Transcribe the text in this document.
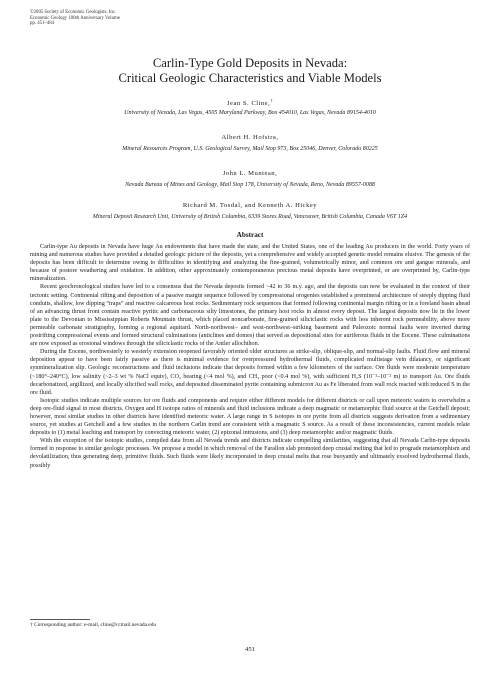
©2005 Society of Economic Geologists, Inc.
Economic Geology 100th Anniversary Volume
pp. 451–484
Carlin-Type Gold Deposits in Nevada:
Critical Geologic Characteristics and Viable Models
Jean S. Cline,†
University of Nevada, Las Vegas, 4505 Maryland Parkway, Box 454010, Las Vegas, Nevada 89154-4010
Albert H. Hofstra,
Mineral Resources Program, U.S. Geological Survey, Mail Stop 973, Box 25046, Denver, Colorado 80225
John L. Muntean,
Nevada Bureau of Mines and Geology, Mail Stop 178, University of Nevada, Reno, Nevada 89557-0088
Richard M. Tosdal, and Kenneth A. Hickey
Mineral Deposit Research Unit, University of British Columbia, 6339 Stores Road, Vancouver, British Columbia, Canada V6T 1Z4
Abstract

Carlin-type Au deposits in Nevada have huge Au endowments that have made the state, and the United States, one of the leading Au producers in the world. Forty years of mining and numerous studies have provided a detailed geologic picture of the deposits, yet a comprehensive and widely accepted genetic model remains elusive. The genesis of the deposits has been difficult to determine owing to difficulties in identifying and analyzing the fine-grained, volumetrically minor, and common ore and gangue minerals, and because of postore weathering and oxidation. In addition, other approximately contemporaneous precious metal deposits have overprinted, or are overprinted by, Carlin-type mineralization.

Recent geochronological studies have led to a consensus that the Nevada deposits formed ~42 to 36 m.y. ago, and the deposits can now be evaluated in the context of their tectonic setting. Continental rifting and deposition of a passive margin sequence followed by compressional orogenies established a premineral architecture of steeply dipping fluid conduits, shallow, low dipping “traps” and reactive calcareous host rocks. Sedimentary rock sequences that formed following continental margin rifting or in a foreland basin ahead of an advancing thrust front contain reactive pyritic and carbonaceous silty limestones, the primary host rocks in almost every deposit. The largest deposits now lie in the lower plate to the Devonian to Mississippian Roberts Mountain thrust, which placed noncarbonate, fine-grained siliciclastic rocks with less inherent rock permeability, above more permeable carbonate stratigraphy, forming a regional aquitard. North-northwest– and west-northwest–striking basement and Paleozoic normal faults were inverted during postrifting compressional events and formed structural culminations (anticlines and domes) that served as depositional sites for auriferous fluids in the Eocene. These culminations are now exposed as erosional windows through the siliciclastic rocks of the Antler allochthon.

During the Eocene, northwesterly to westerly extension reopened favorably oriented older structures as strike-slip, oblique-slip, and normal-slip faults. Fluid flow and mineral deposition appear to have been fairly passive as there is minimal evidence for overpressured hydrothermal fluids, complicated multistage vein dilatancy, or significant synmineralization slip. Geologic reconstructions and fluid inclusions indicate that deposits formed within a few kilometers of the surface. Ore fluids were moderate temperature (~180°–240°C), low salinity (~2–3 wt % NaCl equiv), CO₂ bearing (<4 mol %), and CH₄ poor (<0.4 mol %), with sufficient H₂S (10⁻¹–10⁻² m) to transport Au. Ore fluids decarbonatized, argillized, and locally silicified wall rocks, and deposited disseminated pyrite containing submicron Au as Fe liberated from wall rock reacted with reduced S in the ore fluid.

Isotopic studies indicate multiple sources for ore fluids and components and require either different models for different districts or call upon meteoric waters to overwhelm a deep ore-fluid signal in most districts. Oxygen and H isotope ratios of minerals and fluid inclusions indicate a deep magmatic or metamorphic fluid source at the Getchell deposit; however, most similar studies in other districts have identified meteoric water. A large range in S isotopes in ore pyrite from all districts suggests derivation from a sedimentary source, yet studies at Getchell and a few studies in the northern Carlin trend are consistent with a magmatic S source. As a result of these inconsistencies, current models relate deposits to (1) metal leaching and transport by convecting meteoric water, (2) epizonal intrusions, and (3) deep metamorphic and/or magmatic fluids.

With the exception of the isotopic studies, compiled data from all Nevada trends and districts indicate compelling similarities, suggesting that all Nevada Carlin-type deposits formed in response to similar geologic processes. We propose a model in which removal of the Farallon slab promoted deep crustal melting that led to prograde metamorphism and devolatilization, thus generating deep, primitive fluids. Such fluids were likely incorporated in deep crustal melts that rose buoyantly and ultimately exsolved hydrothermal fluids, possibly

† Corresponding author: e-mail, cline@ccmail.nevada.edu
451
